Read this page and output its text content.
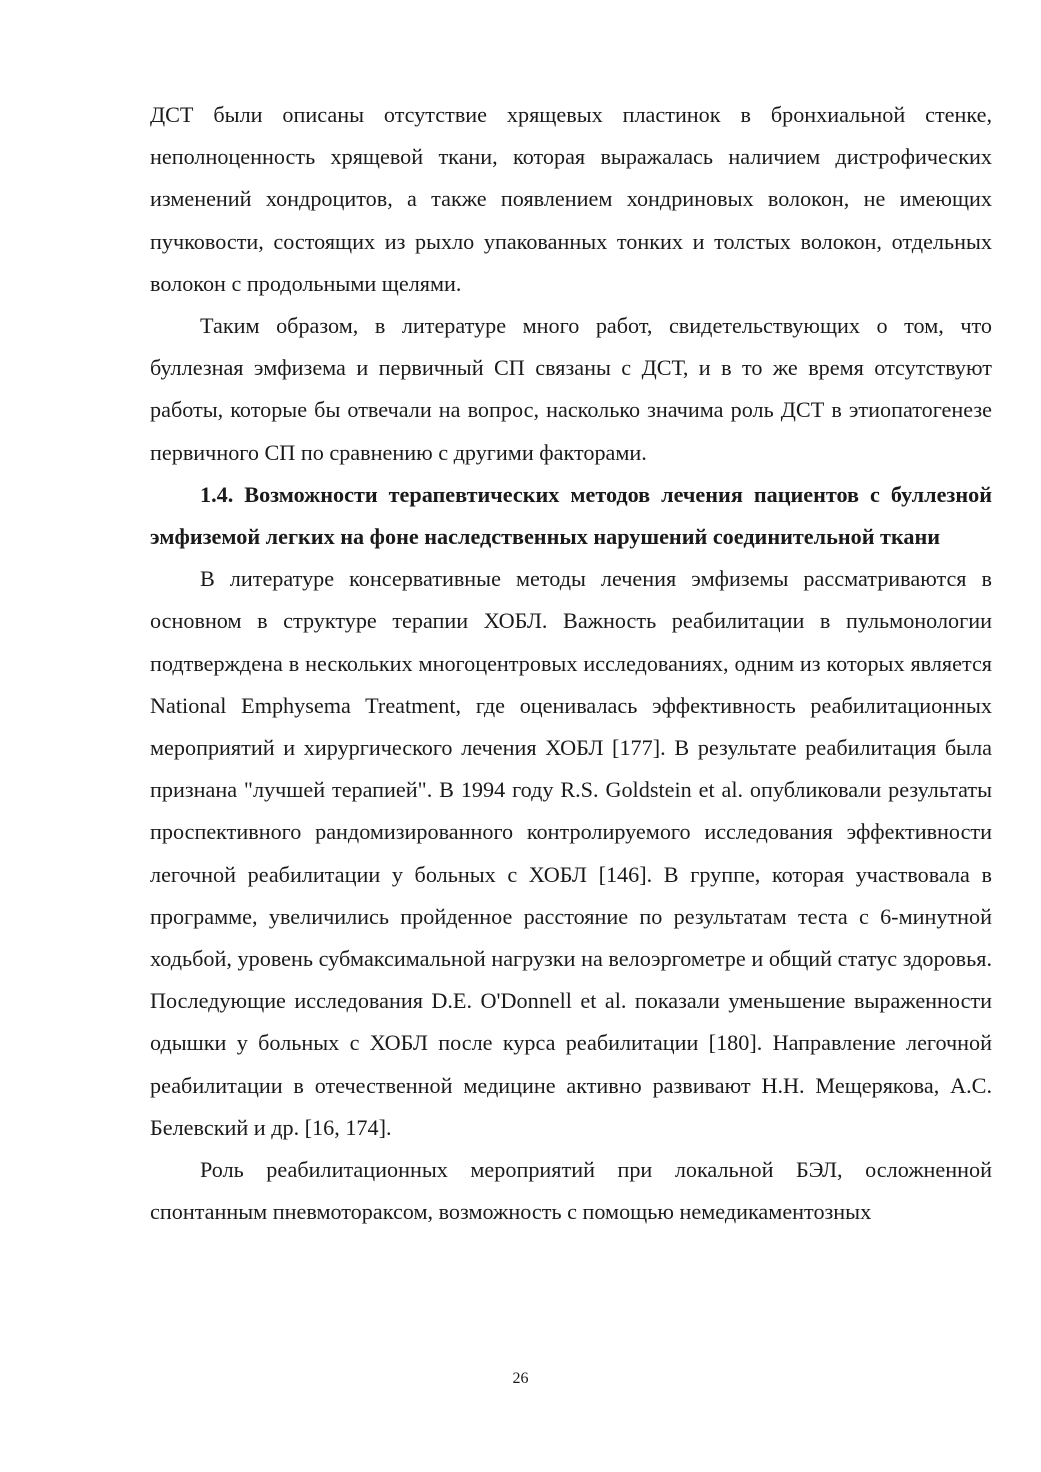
ДСТ были описаны отсутствие хрящевых пластинок в бронхиальной стенке, неполноценность хрящевой ткани, которая выражалась наличием дистрофических изменений хондроцитов, а также появлением хондриновых волокон, не имеющих пучковости, состоящих из рыхло упакованных тонких и толстых волокон, отдельных волокон с продольными щелями.

Таким образом, в литературе много работ, свидетельствующих о том, что буллезная эмфизема и первичный СП связаны с ДСТ, и в то же время отсутствуют работы, которые бы отвечали на вопрос, насколько значима роль ДСТ в этиопатогенезе первичного СП по сравнению с другими факторами.

1.4. Возможности терапевтических методов лечения пациентов с буллезной эмфиземой легких на фоне наследственных нарушений соединительной ткани

В литературе консервативные методы лечения эмфиземы рассматриваются в основном в структуре терапии ХОБЛ. Важность реабилитации в пульмонологии подтверждена в нескольких многоцентровых исследованиях, одним из которых является National Emphysema Treatment, где оценивалась эффективность реабилитационных мероприятий и хирургического лечения ХОБЛ [177]. В результате реабилитация была признана "лучшей терапией". В 1994 году R.S. Goldstein et al. опубликовали результаты проспективного рандомизированного контролируемого исследования эффективности легочной реабилитации у больных с ХОБЛ [146]. В группе, которая участвовала в программе, увеличились пройденное расстояние по результатам теста с 6-минутной ходьбой, уровень субмаксимальной нагрузки на велоэргометре и общий статус здоровья. Последующие исследования D.E. O'Donnell et al. показали уменьшение выраженности одышки у больных с ХОБЛ после курса реабилитации [180]. Направление легочной реабилитации в отечественной медицине активно развивают Н.Н. Мещерякова, А.С. Белевский и др. [16, 174].

Роль реабилитационных мероприятий при локальной БЭЛ, осложненной спонтанным пневмотораксом, возможность с помощью немедикаментозных

26
